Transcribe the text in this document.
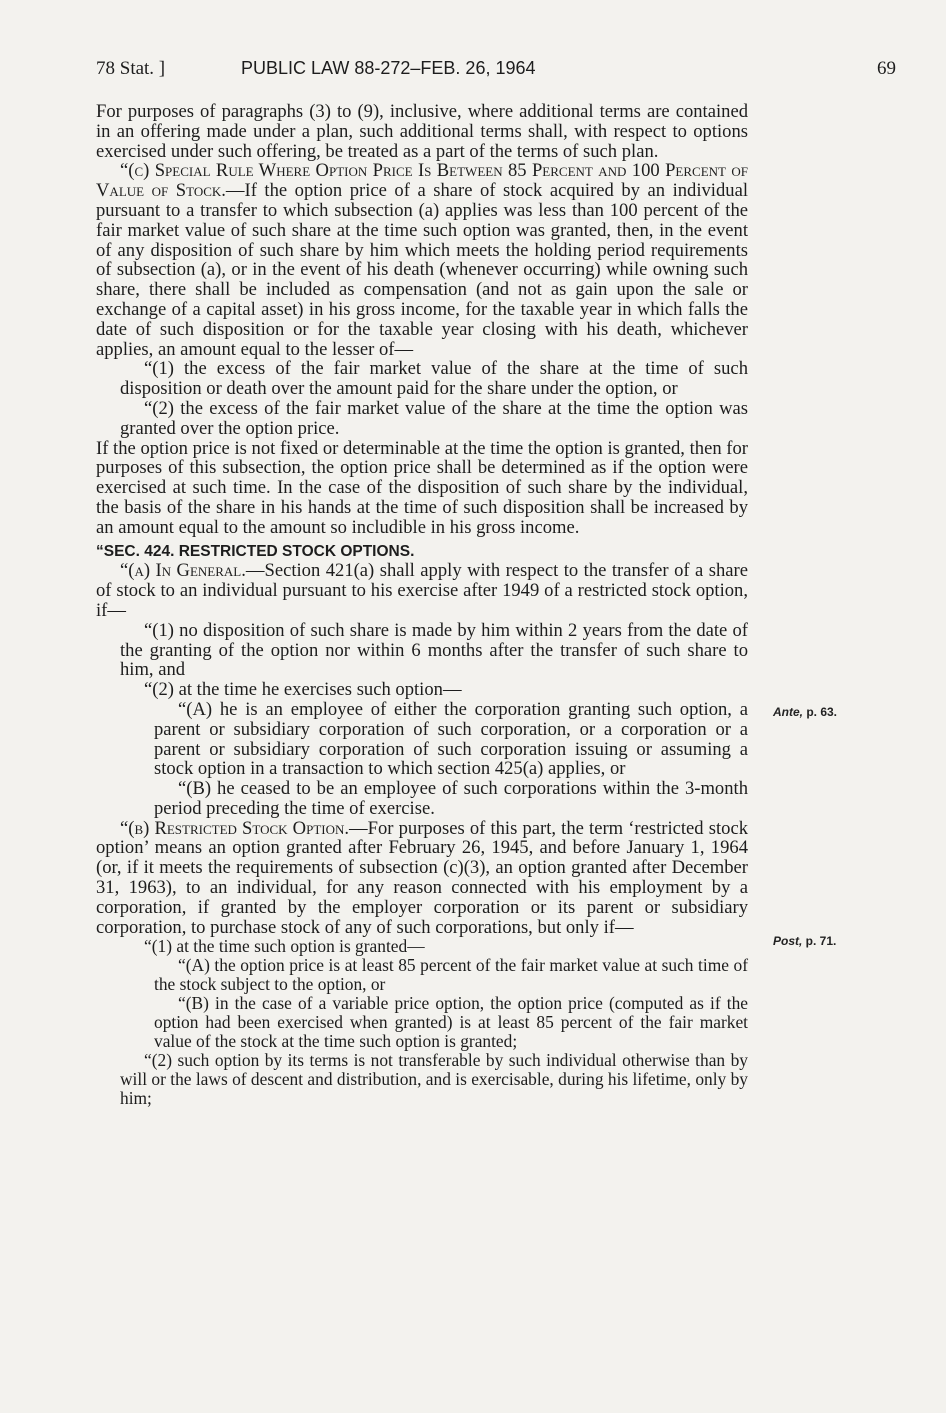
78 Stat. ]	PUBLIC LAW 88-272–FEB. 26, 1964	69

For purposes of paragraphs (3) to (9), inclusive, where additional terms are contained in an offering made under a plan, such additional terms shall, with respect to options exercised under such offering, be treated as a part of the terms of such plan.

“(c) Special Rule Where Option Price Is Between 85 Percent and 100 Percent of Value of Stock.—If the option price of a share of stock acquired by an individual pursuant to a transfer to which subsection (a) applies was less than 100 percent of the fair market value of such share at the time such option was granted, then, in the event of any disposition of such share by him which meets the holding period requirements of subsection (a), or in the event of his death (whenever occurring) while owning such share, there shall be included as compensation (and not as gain upon the sale or exchange of a capital asset) in his gross income, for the taxable year in which falls the date of such disposition or for the taxable year closing with his death, whichever applies, an amount equal to the lesser of—

“(1) the excess of the fair market value of the share at the time of such disposition or death over the amount paid for the share under the option, or

“(2) the excess of the fair market value of the share at the time the option was granted over the option price.

If the option price is not fixed or determinable at the time the option is granted, then for purposes of this subsection, the option price shall be determined as if the option were exercised at such time. In the case of the disposition of such share by the individual, the basis of the share in his hands at the time of such disposition shall be increased by an amount equal to the amount so includible in his gross income.

“SEC. 424. RESTRICTED STOCK OPTIONS.

“(a) In General.—Section 421(a) shall apply with respect to the transfer of a share of stock to an individual pursuant to his exercise after 1949 of a restricted stock option, if—

“(1) no disposition of such share is made by him within 2 years from the date of the granting of the option nor within 6 months after the transfer of such share to him, and

“(2) at the time he exercises such option—

“(A) he is an employee of either the corporation granting such option, a parent or subsidiary corporation of such corporation, or a corporation or a parent or subsidiary corporation of such corporation issuing or assuming a stock option in a transaction to which section 425(a) applies, or

“(B) he ceased to be an employee of such corporations within the 3-month period preceding the time of exercise.

“(b) Restricted Stock Option.—For purposes of this part, the term ‘restricted stock option’ means an option granted after February 26, 1945, and before January 1, 1964 (or, if it meets the requirements of subsection (c)(3), an option granted after December 31, 1963), to an individual, for any reason connected with his employment by a corporation, if granted by the employer corporation or its parent or subsidiary corporation, to purchase stock of any of such corporations, but only if—

“(1) at the time such option is granted—

“(A) the option price is at least 85 percent of the fair market value at such time of the stock subject to the option, or

“(B) in the case of a variable price option, the option price (computed as if the option had been exercised when granted) is at least 85 percent of the fair market value of the stock at the time such option is granted;

“(2) such option by its terms is not transferable by such individual otherwise than by will or the laws of descent and distribution, and is exercisable, during his lifetime, only by him;

Ante, p. 63.
Post, p. 71.
